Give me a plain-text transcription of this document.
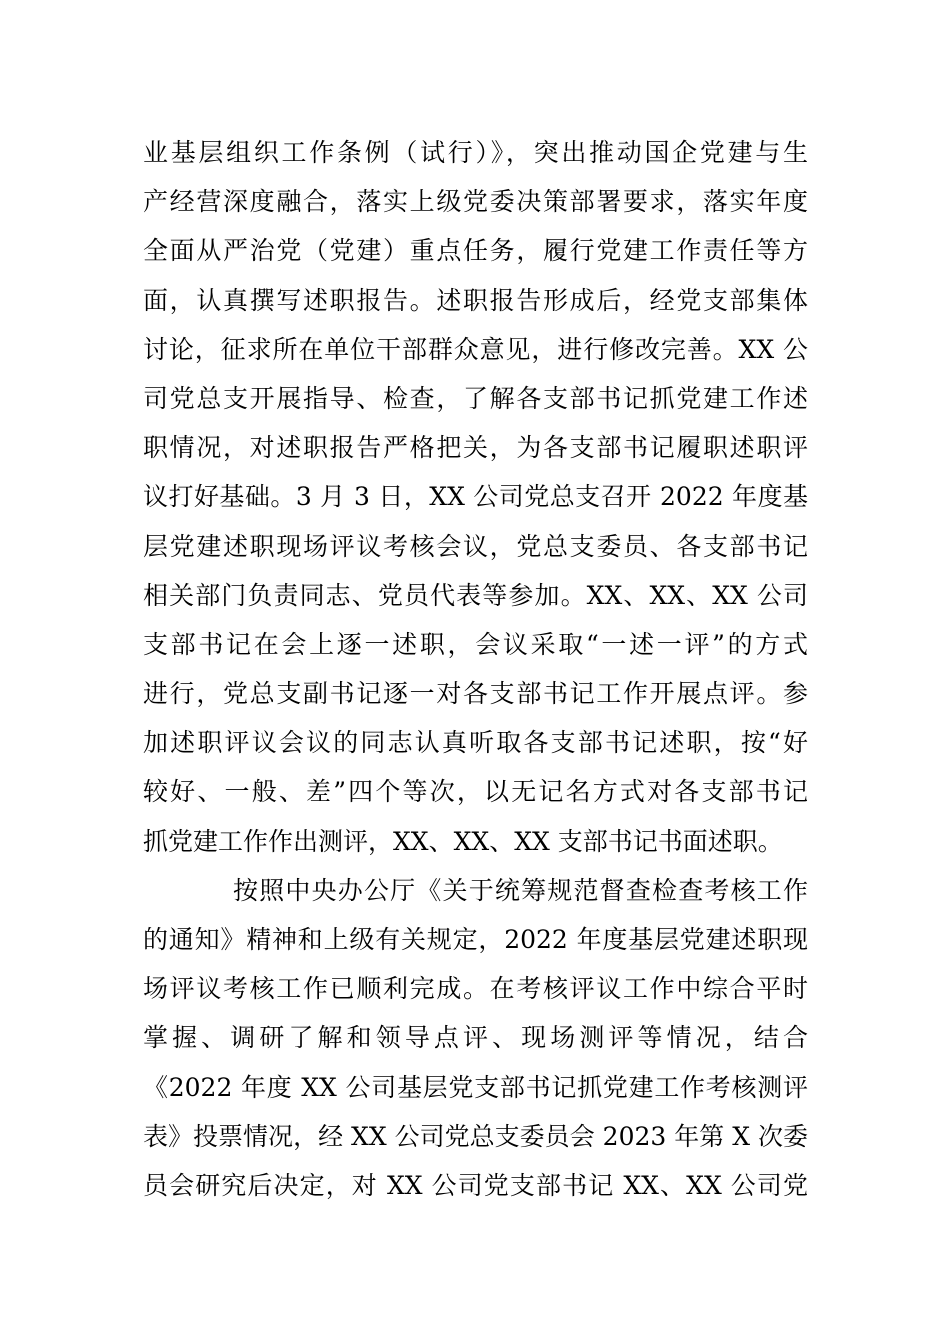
业基层组织工作条例（试行）》，突出推动国企党建与生
产经营深度融合，落实上级党委决策部署要求，落实年度
全面从严治党（党建）重点任务，履行党建工作责任等方
面，认真撰写述职报告。述职报告形成后，经党支部集体
讨论，征求所在单位干部群众意见，进行修改完善。XX 公
司党总支开展指导、检查，了解各支部书记抓党建工作述
职情况，对述职报告严格把关，为各支部书记履职述职评
议打好基础。3 月 3 日，XX 公司党总支召开 2022 年度基
层党建述职现场评议考核会议，党总支委员、各支部书记
相关部门负责同志、党员代表等参加。XX、XX、XX 公司
支部书记在会上逐一述职，会议采取“一述一评”的方式
进行，党总支副书记逐一对各支部书记工作开展点评。参
加述职评议会议的同志认真听取各支部书记述职，按“好
较好、一般、差”四个等次，以无记名方式对各支部书记
抓党建工作作出测评，XX、XX、XX 支部书记书面述职。
按照中央办公厅《关于统筹规范督查检查考核工作
的通知》精神和上级有关规定，2022 年度基层党建述职现
场评议考核工作已顺利完成。在考核评议工作中综合平时
掌握、调研了解和领导点评、现场测评等情况，结合
《2022 年度 XX 公司基层党支部书记抓党建工作考核测评
表》投票情况，经 XX 公司党总支委员会 2023 年第 X 次委
员会研究后决定，对 XX 公司党支部书记 XX、XX 公司党
